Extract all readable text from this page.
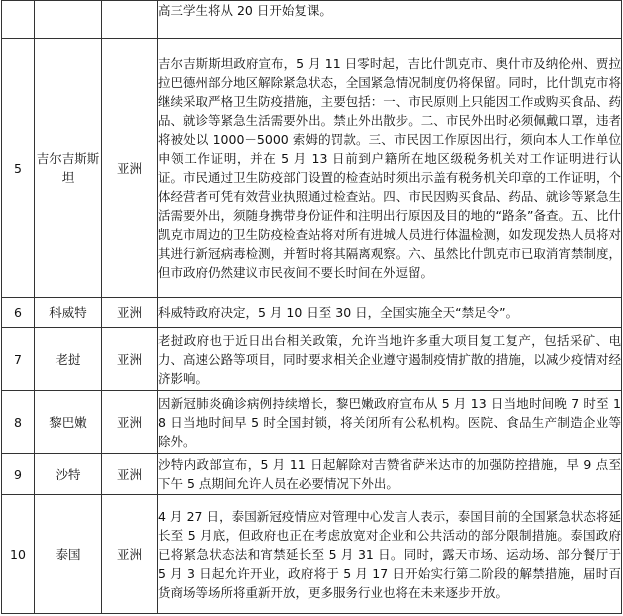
			高三学生将从 20 日开始复课。
5	吉尔吉斯斯坦	亚洲	吉尔吉斯斯坦政府宣布，5 月 11 日零时起，吉比什凯克市、奥什市及纳伦州、贾拉拉巴德州部分地区解除紧急状态，全国紧急情况制度仍将保留。同时，比什凯克市将继续采取严格卫生防疫措施，主要包括：一、市民原则上只能因工作或购买食品、药品、就诊等紧急生活需要外出。禁止外出散步。二、市民外出时必须佩戴口罩，违者将被处以 1000－5000 索姆的罚款。三、市民因工作原因出行，须向本人工作单位申领工作证明，并在 5 月 13 日前到户籍所在地区级税务机关对工作证明进行认证。市民通过卫生防疫部门设置的检查站时须出示盖有税务机关印章的工作证明，个体经营者可凭有效营业执照通过检查站。四、市民因购买食品、药品、就诊等紧急生活需要外出，须随身携带身份证件和注明出行原因及目的地的“路条”备查。五、比什凯克市周边的卫生防疫检查站将对所有进城人员进行体温检测，如发现发热人员将对其进行新冠病毒检测，并暂时将其隔离观察。六、虽然比什凯克市已取消宵禁制度，但市政府仍然建议市民夜间不要长时间在外逗留。
6	科威特	亚洲	科威特政府决定，5 月 10 日至 30 日，全国实施全天“禁足令”。
7	老挝	亚洲	老挝政府也于近日出台相关政策，允许当地许多重大项目复工复产，包括采矿、电力、高速公路等项目，同时要求相关企业遵守遏制疫情扩散的措施，以减少疫情对经济影响。
8	黎巴嫩	亚洲	因新冠肺炎确诊病例持续增长，黎巴嫩政府宣布从 5 月 13 日当地时间晚 7 时至 18 日当地时间早 5 时全国封锁，将关闭所有公私机构。医院、食品生产制造企业等除外。
9	沙特	亚洲	沙特内政部宣布，5 月 11 日起解除对吉赞省萨米达市的加强防控措施，早 9 点至下午 5 点期间允许人员在必要情况下外出。
10	泰国	亚洲	4 月 27 日，泰国新冠疫情应对管理中心发言人表示，泰国目前的全国紧急状态将延长至 5 月底，但政府也正在考虑放宽对企业和公共活动的部分限制措施。泰国政府已将紧急状态法和宵禁延长至 5 月 31 日。同时，露天市场、运动场、部分餐厅于 5 月 3 日起允许开业，政府将于 5 月 17 日开始实行第二阶段的解禁措施，届时百货商场等场所将重新开放，更多服务行业也将在未来逐步开放。
